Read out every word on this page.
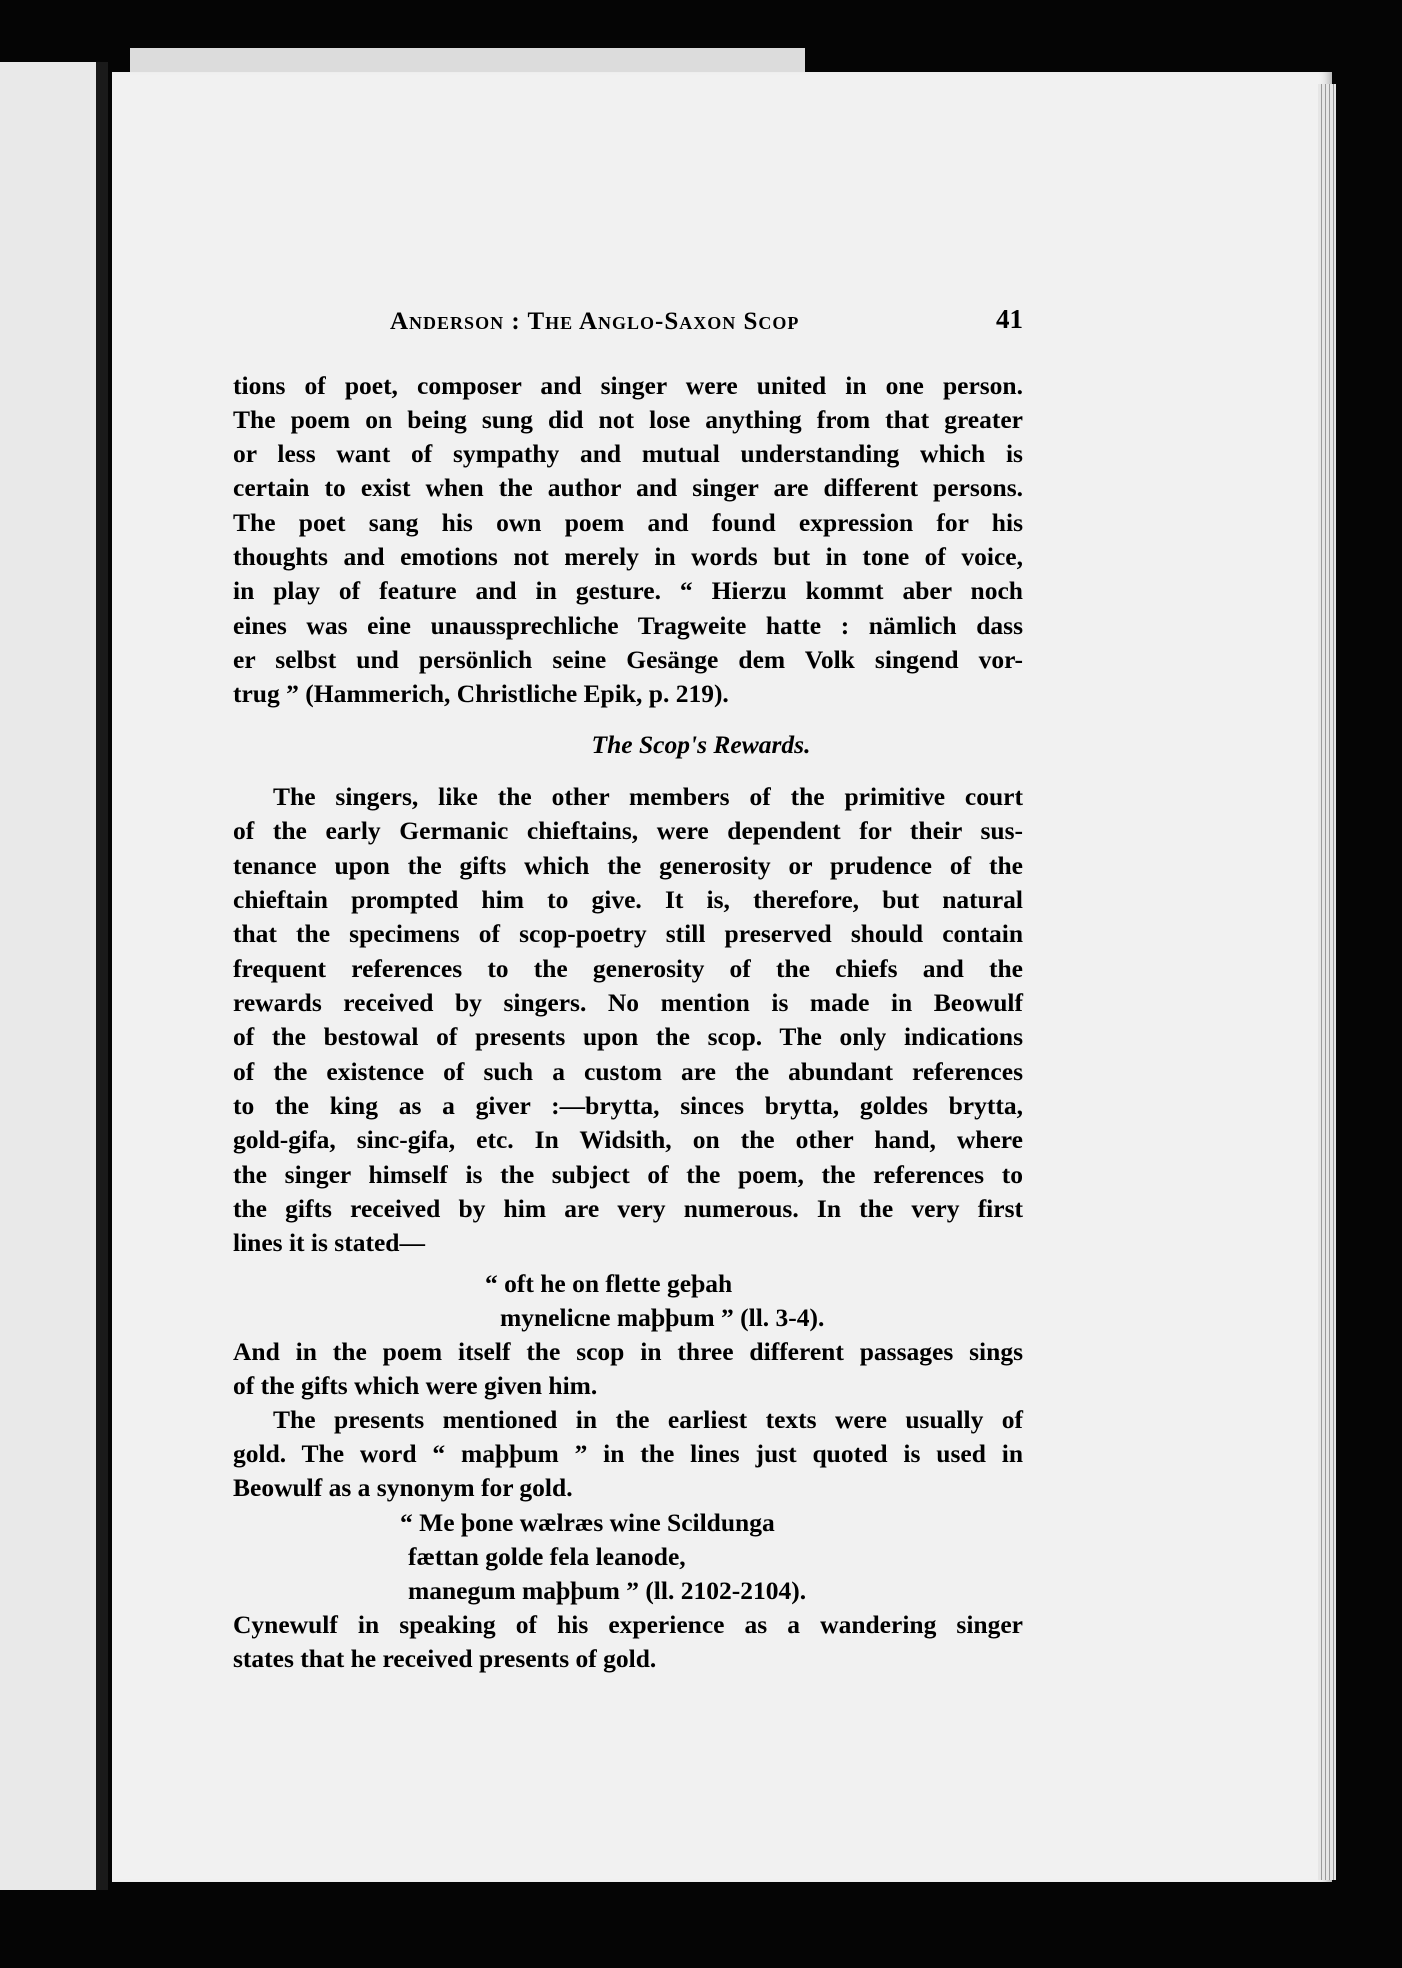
Anderson : The Anglo-Saxon Scop	41
tions of poet, composer and singer were united in one person.
The poem on being sung did not lose anything from that greater
or less want of sympathy and mutual understanding which is
certain to exist when the author and singer are different persons.
The poet sang his own poem and found expression for his
thoughts and emotions not merely in words but in tone of voice,
in play of feature and in gesture. “ Hierzu kommt aber noch
eines was eine unaussprechliche Tragweite hatte : nämlich dass
er selbst und persönlich seine Gesänge dem Volk singend vor-
trug ” (Hammerich, Christliche Epik, p. 219).
The Scop's Rewards.
The singers, like the other members of the primitive court
of the early Germanic chieftains, were dependent for their sus-
tenance upon the gifts which the generosity or prudence of the
chieftain prompted him to give. It is, therefore, but natural
that the specimens of scop-poetry still preserved should contain
frequent references to the generosity of the chiefs and the
rewards received by singers. No mention is made in Beowulf
of the bestowal of presents upon the scop. The only indications
of the existence of such a custom are the abundant references
to the king as a giver :—brytta, sinces brytta, goldes brytta,
gold-gifa, sinc-gifa, etc. In Widsith, on the other hand, where
the singer himself is the subject of the poem, the references to
the gifts received by him are very numerous. In the very first
lines it is stated—
“ oft he on flette geþah
mynelicne maþþum ” (ll. 3-4).
And in the poem itself the scop in three different passages sings
of the gifts which were given him.
The presents mentioned in the earliest texts were usually of
gold. The word “ maþþum ” in the lines just quoted is used in
Beowulf as a synonym for gold.
“ Me þone wælræs wine Scildunga
fættan golde fela leanode,
manegum maþþum ” (ll. 2102-2104).
Cynewulf in speaking of his experience as a wandering singer
states that he received presents of gold.
